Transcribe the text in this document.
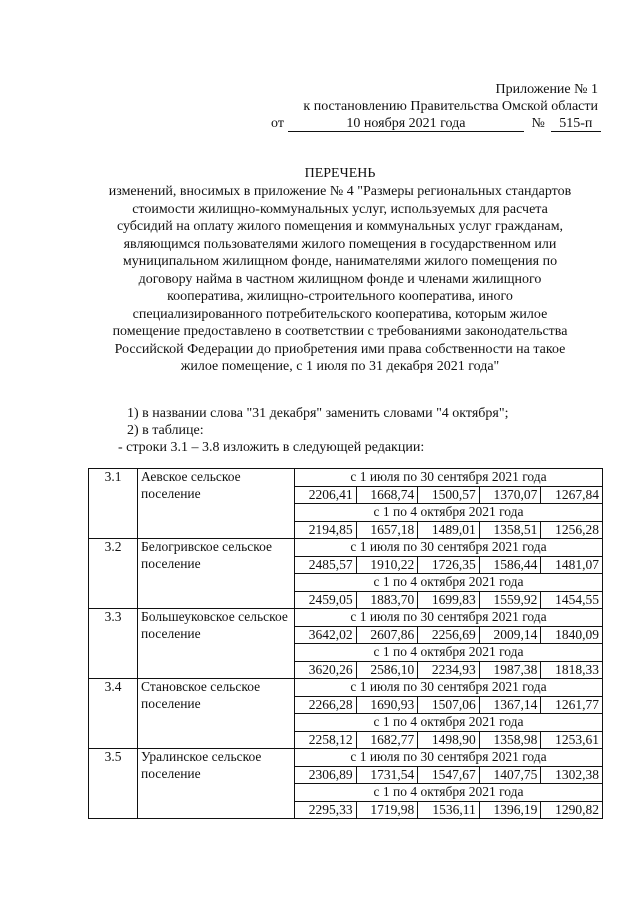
Приложение № 1
к постановлению Правительства Омской области
от	10 ноября 2021 года	№ 515-п
ПЕРЕЧЕНЬ
изменений, вносимых в приложение № 4 "Размеры региональных стандартов
стоимости жилищно-коммунальных услуг, используемых для расчета
субсидий на оплату жилого помещения и коммунальных услуг гражданам,
являющимся пользователями жилого помещения в государственном или
муниципальном жилищном фонде, нанимателями жилого помещения по
договору найма в частном жилищном фонде и членами жилищного
кооператива, жилищно-строительного кооператива, иного
специализированного потребительского кооператива, которым жилое
помещение предоставлено в соответствии с требованиями законодательства
Российской Федерации до приобретения ими права собственности на такое
жилое помещение, с 1 июля по 31 декабря 2021 года"
1) в названии слова "31 декабря" заменить словами "4 октября";
2) в таблице:
- строки 3.1 – 3.8 изложить в следующей редакции:
3.1	Аевское сельское поселение	с 1 июля по 30 сентября 2021 года				
		2206,41	1668,74	1500,57	1370,07	1267,84
		с 1 по 4 октября 2021 года				
		2194,85	1657,18	1489,01	1358,51	1256,28
3.2	Белогривское сельское поселение	с 1 июля по 30 сентября 2021 года				
		2485,57	1910,22	1726,35	1586,44	1481,07
		с 1 по 4 октября 2021 года				
		2459,05	1883,70	1699,83	1559,92	1454,55
3.3	Большеуковское сельское поселение	с 1 июля по 30 сентября 2021 года				
		3642,02	2607,86	2256,69	2009,14	1840,09
		с 1 по 4 октября 2021 года				
		3620,26	2586,10	2234,93	1987,38	1818,33
3.4	Становское сельское поселение	с 1 июля по 30 сентября 2021 года				
		2266,28	1690,93	1507,06	1367,14	1261,77
		с 1 по 4 октября 2021 года				
		2258,12	1682,77	1498,90	1358,98	1253,61
3.5	Уралинское сельское поселение	с 1 июля по 30 сентября 2021 года				
		2306,89	1731,54	1547,67	1407,75	1302,38
		с 1 по 4 октября 2021 года				
		2295,33	1719,98	1536,11	1396,19	1290,82
